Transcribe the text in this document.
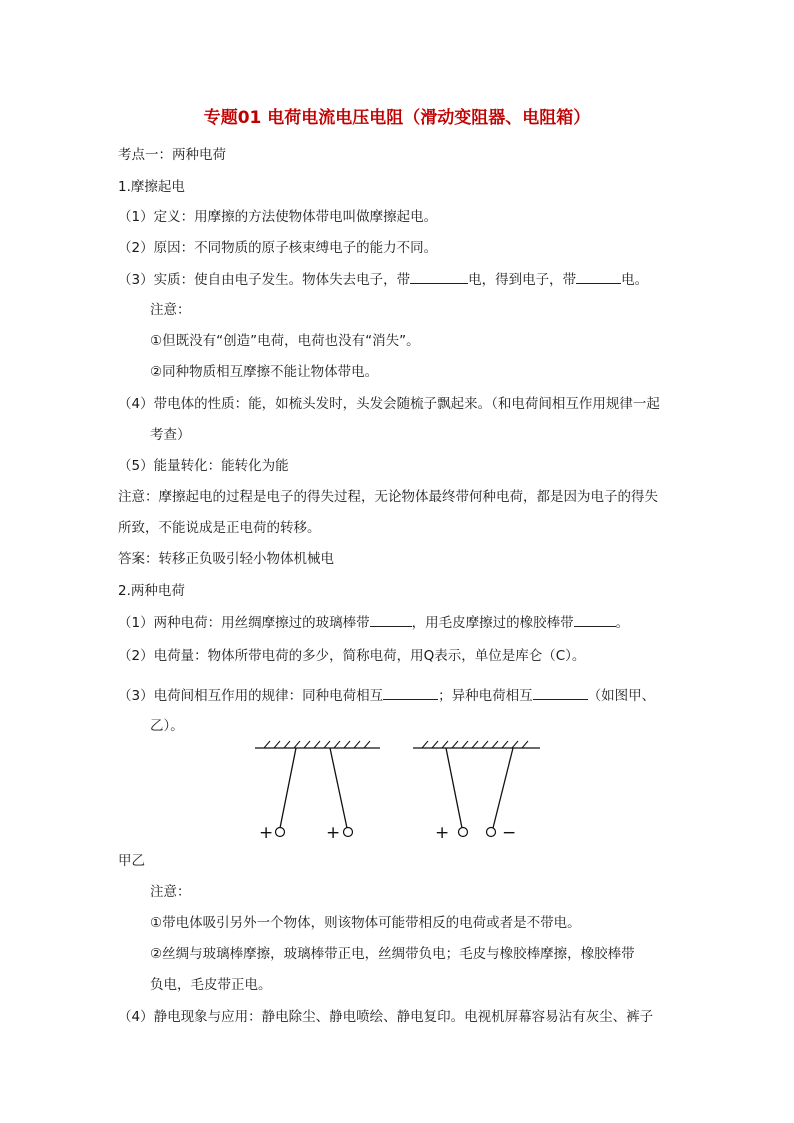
专题01 电荷电流电压电阻（滑动变阻器、电阻箱）
考点一：两种电荷
1.摩擦起电
（1）定义：用摩擦的方法使物体带电叫做摩擦起电。
（2）原因：不同物质的原子核束缚电子的能力不同。
（3）实质：使自由电子发生。物体失去电子，带	电，得到电子，带	电。
注意：
①但既没有“创造”电荷，电荷也没有“消失”。
②同种物质相互摩擦不能让物体带电。
（4）带电体的性质：能，如梳头发时，头发会随梳子飘起来。（和电荷间相互作用规律一起
考查）
（5）能量转化：能转化为能
注意：摩擦起电的过程是电子的得失过程，无论物体最终带何种电荷，都是因为电子的得失
所致，不能说成是正电荷的转移。
答案：转移正负吸引轻小物体机械电
2.两种电荷
（1）两种电荷：用丝绸摩擦过的玻璃棒带	，用毛皮摩擦过的橡胶棒带	。
（2）电荷量：物体所带电荷的多少，简称电荷，用Q表示，单位是库仑（C）。
（3）电荷间相互作用的规律：同种电荷相互	；异种电荷相互	（如图甲、
乙）。
+	+	+	−
甲乙
注意：
①带电体吸引另外一个物体，则该物体可能带相反的电荷或者是不带电。
②丝绸与玻璃棒摩擦，玻璃棒带正电，丝绸带负电；毛皮与橡胶棒摩擦，橡胶棒带
负电，毛皮带正电。
（4）静电现象与应用：静电除尘、静电喷绘、静电复印。电视机屏幕容易沾有灰尘、裤子
